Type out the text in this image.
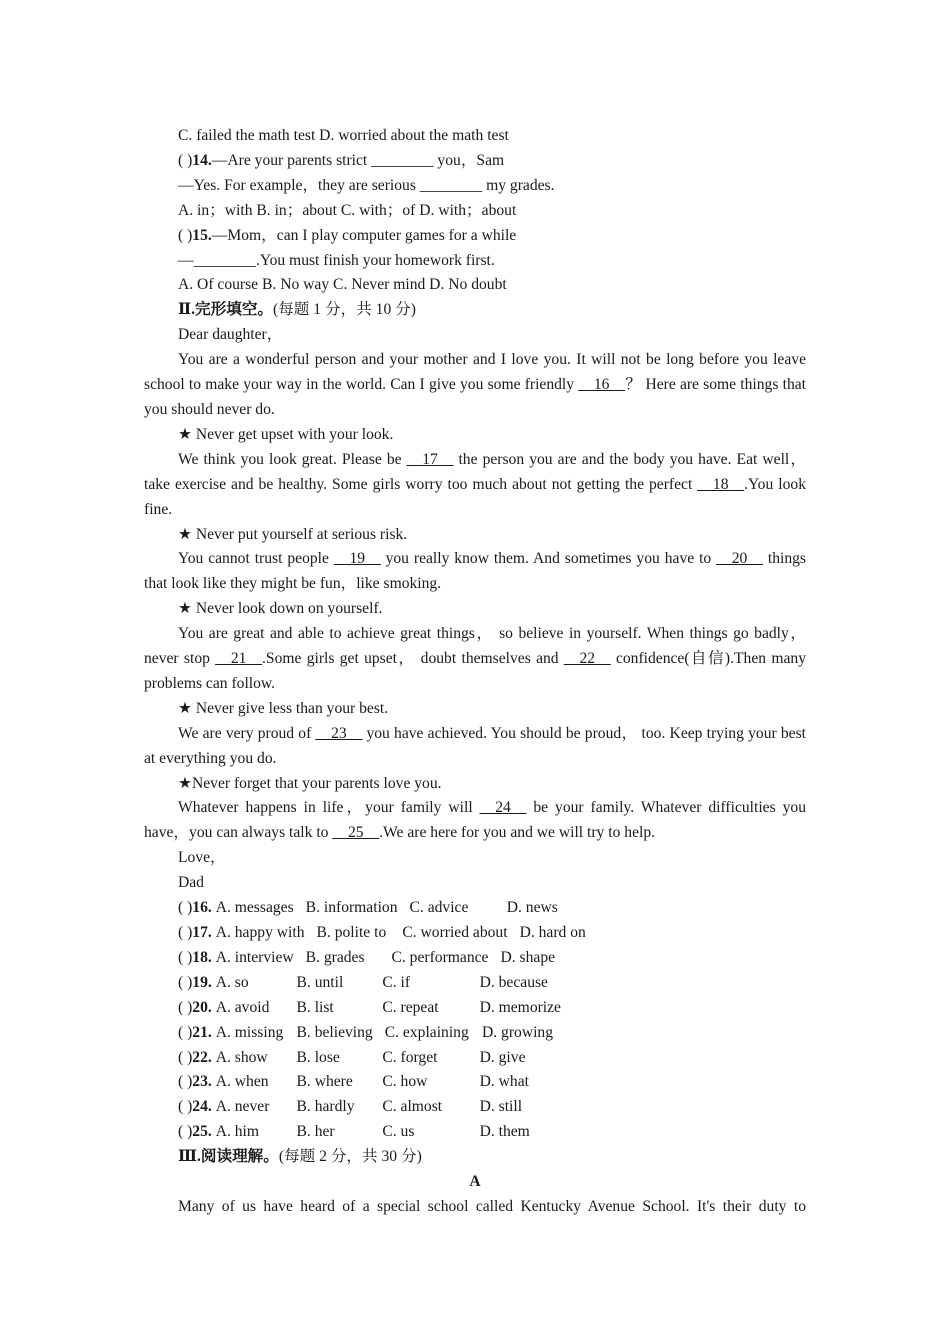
C. failed the math test D. worried about the math test
( )14.—Are your parents strict ________ you，Sam
—Yes. For example，they are serious ________ my grades.
A. in；with B. in；about C. with；of D. with；about
( )15.—Mom，can I play computer games for a while
—________.You must finish your homework first.
A. Of course B. No way C. Never mind D. No doubt
Ⅱ.完形填空。(每题 1 分，共 10 分)
Dear daughter，
You are a wonderful person and your mother and I love you. It will not be long before you leave school to make your way in the world. Can I give you some friendly __16__？ Here are some things that you should never do.
★ Never get upset with your look.
We think you look great. Please be __17__ the person you are and the body you have. Eat well， take exercise and be healthy. Some girls worry too much about not getting the perfect __18__.You look fine.
★ Never put yourself at serious risk.
You cannot trust people __19__ you really know them. And sometimes you have to __20__ things that look like they might be fun，like smoking.
★ Never look down on yourself.
You are great and able to achieve great things， so believe in yourself. When things go badly， never stop __21__.Some girls get upset， doubt themselves and __22__ confidence(自信).Then many problems can follow.
★ Never give less than your best.
We are very proud of __23__ you have achieved. You should be proud， too. Keep trying your best at everything you do.
★Never forget that your parents love you.
Whatever happens in life，your family will __24__ be your family. Whatever difficulties you have，you can always talk to __25__.We are here for you and we will try to help.
Love，
Dad
( )16. A. messages B. information C. advice D. news
( )17. A. happy with B. polite to C. worried about D. hard on
( )18. A. interview B. grades C. performance D. shape
( )19. A. so	B. until	C. if	D. because
( )20. A. avoid B. list	C. repeat	D. memorize
( )21. A. missing B. believing C. explaining D. growing
( )22. A. show B. lose	C. forget	D. give
( )23. A. when B. where C. how	D. what
( )24. A. never B. hardly C. almost D. still
( )25. A. him B. her	C. us	D. them
Ⅲ.阅读理解。(每题 2 分，共 30 分)
A
Many of us have heard of a special school called Kentucky Avenue School. It's their duty to
